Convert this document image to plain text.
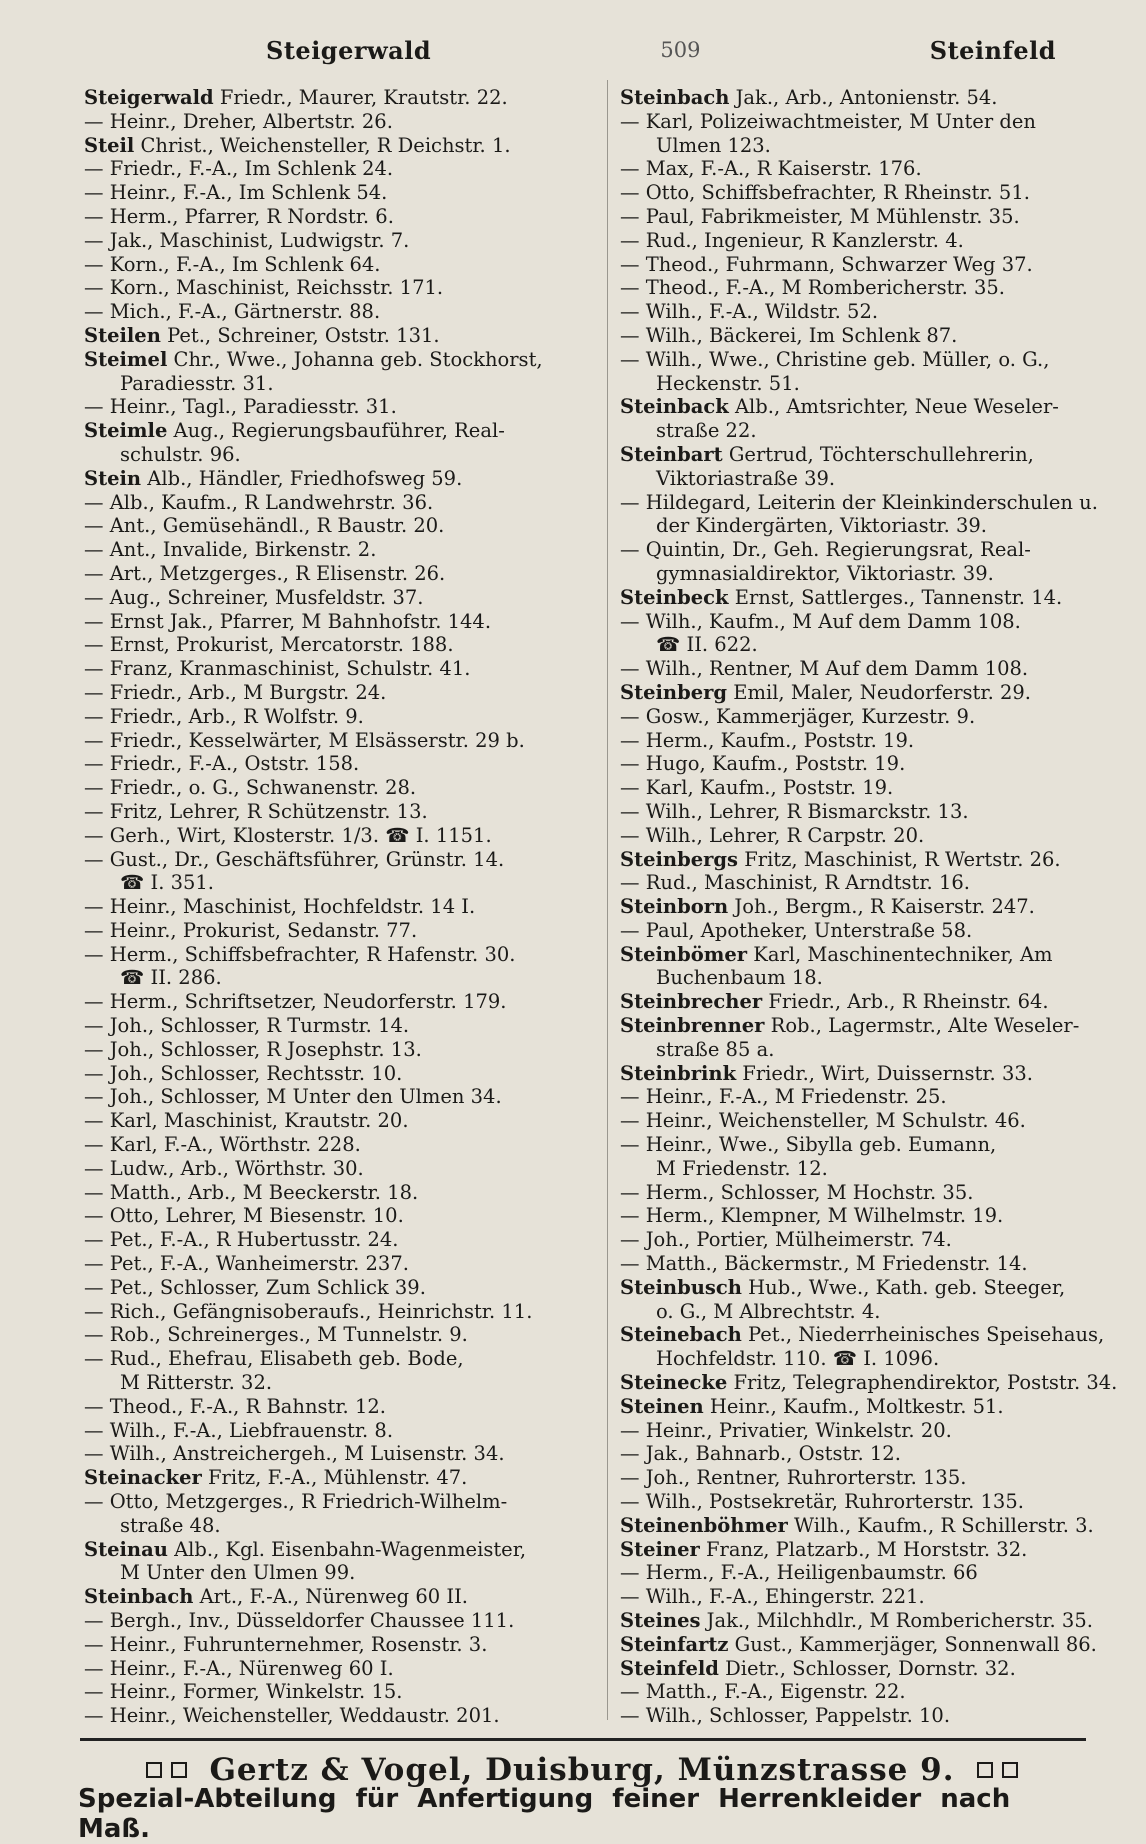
Steigerwald	509	Steinfeld
Steigerwald Friedr., Maurer, Krautstr. 22.
— Heinr., Dreher, Albertstr. 26.
Steil Christ., Weichensteller, R Deichstr. 1.
— Friedr., F.-A., Im Schlenk 24.
— Heinr., F.-A., Im Schlenk 54.
— Herm., Pfarrer, R Nordstr. 6.
— Jak., Maschinist, Ludwigstr. 7.
— Korn., F.-A., Im Schlenk 64.
— Korn., Maschinist, Reichsstr. 171.
— Mich., F.-A., Gärtnerstr. 88.
Steilen Pet., Schreiner, Oststr. 131.
Steimel Chr., Wwe., Johanna geb. Stockhorst,
Paradiesstr. 31.
— Heinr., Tagl., Paradiesstr. 31.
Steimle Aug., Regierungsbauführer, Real-
schulstr. 96.
Stein Alb., Händler, Friedhofsweg 59.
— Alb., Kaufm., R Landwehrstr. 36.
— Ant., Gemüsehändl., R Baustr. 20.
— Ant., Invalide, Birkenstr. 2.
— Art., Metzgerges., R Elisenstr. 26.
— Aug., Schreiner, Musfeldstr. 37.
— Ernst Jak., Pfarrer, M Bahnhofstr. 144.
— Ernst, Prokurist, Mercatorstr. 188.
— Franz, Kranmaschinist, Schulstr. 41.
— Friedr., Arb., M Burgstr. 24.
— Friedr., Arb., R Wolfstr. 9.
— Friedr., Kesselwärter, M Elsässerstr. 29 b.
— Friedr., F.-A., Oststr. 158.
— Friedr., o. G., Schwanenstr. 28.
— Fritz, Lehrer, R Schützenstr. 13.
— Gerh., Wirt, Klosterstr. 1/3. ☎ I. 1151.
— Gust., Dr., Geschäftsführer, Grünstr. 14.
☎ I. 351.
— Heinr., Maschinist, Hochfeldstr. 14 I.
— Heinr., Prokurist, Sedanstr. 77.
— Herm., Schiffsbefrachter, R Hafenstr. 30.
☎ II. 286.
— Herm., Schriftsetzer, Neudorferstr. 179.
— Joh., Schlosser, R Turmstr. 14.
— Joh., Schlosser, R Josephstr. 13.
— Joh., Schlosser, Rechtsstr. 10.
— Joh., Schlosser, M Unter den Ulmen 34.
— Karl, Maschinist, Krautstr. 20.
— Karl, F.-A., Wörthstr. 228.
— Ludw., Arb., Wörthstr. 30.
— Matth., Arb., M Beeckerstr. 18.
— Otto, Lehrer, M Biesenstr. 10.
— Pet., F.-A., R Hubertusstr. 24.
— Pet., F.-A., Wanheimerstr. 237.
— Pet., Schlosser, Zum Schlick 39.
— Rich., Gefängnisoberaufs., Heinrichstr. 11.
— Rob., Schreinerges., M Tunnelstr. 9.
— Rud., Ehefrau, Elisabeth geb. Bode,
M Ritterstr. 32.
— Theod., F.-A., R Bahnstr. 12.
— Wilh., F.-A., Liebfrauenstr. 8.
— Wilh., Anstreichergeh., M Luisenstr. 34.
Steinacker Fritz, F.-A., Mühlenstr. 47.
— Otto, Metzgerges., R Friedrich-Wilhelm-
straße 48.
Steinau Alb., Kgl. Eisenbahn-Wagenmeister,
M Unter den Ulmen 99.
Steinbach Art., F.-A., Nürenweg 60 II.
— Bergh., Inv., Düsseldorfer Chaussee 111.
— Heinr., Fuhrunternehmer, Rosenstr. 3.
— Heinr., F.-A., Nürenweg 60 I.
— Heinr., Former, Winkelstr. 15.
— Heinr., Weichensteller, Weddaustr. 201.
Steinbach Jak., Arb., Antonienstr. 54.
— Karl, Polizeiwachtmeister, M Unter den
Ulmen 123.
— Max, F.-A., R Kaiserstr. 176.
— Otto, Schiffsbefrachter, R Rheinstr. 51.
— Paul, Fabrikmeister, M Mühlenstr. 35.
— Rud., Ingenieur, R Kanzlerstr. 4.
— Theod., Fuhrmann, Schwarzer Weg 37.
— Theod., F.-A., M Rombericherstr. 35.
— Wilh., F.-A., Wildstr. 52.
— Wilh., Bäckerei, Im Schlenk 87.
— Wilh., Wwe., Christine geb. Müller, o. G.,
Heckenstr. 51.
Steinback Alb., Amtsrichter, Neue Weseler-
straße 22.
Steinbart Gertrud, Töchterschullehrerin,
Viktoriastraße 39.
— Hildegard, Leiterin der Kleinkinderschulen u.
der Kindergärten, Viktoriastr. 39.
— Quintin, Dr., Geh. Regierungsrat, Real-
gymnasialdirektor, Viktoriastr. 39.
Steinbeck Ernst, Sattlerges., Tannenstr. 14.
— Wilh., Kaufm., M Auf dem Damm 108.
☎ II. 622.
— Wilh., Rentner, M Auf dem Damm 108.
Steinberg Emil, Maler, Neudorferstr. 29.
— Gosw., Kammerjäger, Kurzestr. 9.
— Herm., Kaufm., Poststr. 19.
— Hugo, Kaufm., Poststr. 19.
— Karl, Kaufm., Poststr. 19.
— Wilh., Lehrer, R Bismarckstr. 13.
— Wilh., Lehrer, R Carpstr. 20.
Steinbergs Fritz, Maschinist, R Wertstr. 26.
— Rud., Maschinist, R Arndtstr. 16.
Steinborn Joh., Bergm., R Kaiserstr. 247.
— Paul, Apotheker, Unterstraße 58.
Steinbömer Karl, Maschinentechniker, Am
Buchenbaum 18.
Steinbrecher Friedr., Arb., R Rheinstr. 64.
Steinbrenner Rob., Lagermstr., Alte Weseler-
straße 85 a.
Steinbrink Friedr., Wirt, Duissernstr. 33.
— Heinr., F.-A., M Friedenstr. 25.
— Heinr., Weichensteller, M Schulstr. 46.
— Heinr., Wwe., Sibylla geb. Eumann,
M Friedenstr. 12.
— Herm., Schlosser, M Hochstr. 35.
— Herm., Klempner, M Wilhelmstr. 19.
— Joh., Portier, Mülheimerstr. 74.
— Matth., Bäckermstr., M Friedenstr. 14.
Steinbusch Hub., Wwe., Kath. geb. Steeger,
o. G., M Albrechtstr. 4.
Steinebach Pet., Niederrheinisches Speisehaus,
Hochfeldstr. 110. ☎ I. 1096.
Steinecke Fritz, Telegraphendirektor, Poststr. 34.
Steinen Heinr., Kaufm., Moltkestr. 51.
— Heinr., Privatier, Winkelstr. 20.
— Jak., Bahnarb., Oststr. 12.
— Joh., Rentner, Ruhrorterstr. 135.
— Wilh., Postsekretär, Ruhrorterstr. 135.
Steinenböhmer Wilh., Kaufm., R Schillerstr. 3.
Steiner Franz, Platzarb., M Horststr. 32.
— Herm., F.-A., Heiligenbaumstr. 66
— Wilh., F.-A., Ehingerstr. 221.
Steines Jak., Milchhdlr., M Rombericherstr. 35.
Steinfartz Gust., Kammerjäger, Sonnenwall 86.
Steinfeld Dietr., Schlosser, Dornstr. 32.
— Matth., F.-A., Eigenstr. 22.
— Wilh., Schlosser, Pappelstr. 10.
Gertz & Vogel, Duisburg, Münzstrasse 9.
Spezial-Abteilung für Anfertigung feiner Herrenkleider nach Maß.
